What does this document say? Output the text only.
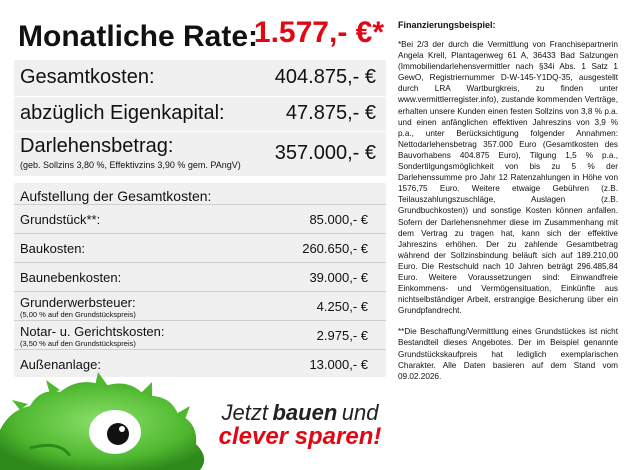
Monatliche Rate:
1.577,- €*
Gesamtkosten:	404.875,- €
abzüglich Eigenkapital:	47.875,- €
Darlehensbetrag:
(geb. Sollzins 3,80 %, Effektivzins 3,90 % gem. PAngV)
357.000,- €
Aufstellung der Gesamtkosten:
Grundstück**:	85.000,- €
Baukosten:	260.650,- €
Baunebenkosten:	39.000,- €
Grunderwerbsteuer:
(5,00 % auf den Grundstückspreis)
4.250,- €
Notar- u. Gerichtskosten:
(3,50 % auf den Grundstückspreis)
2.975,- €
Außenanlage:	13.000,- €
Jetzt bauen und
clever sparen!
Finanzierungsbeispiel:
*Bei 2/3 der durch die Vermittlung von Franchisepartnerin Angela Krell, Plantagenweg 61 A, 36433 Bad Salzungen (Immobiliendarlehensvermittler nach §34i Abs. 1 Satz 1 GewO, Registriernummer D-W-145-Y1DQ-35, ausgestellt durch LRA Wartburgkreis, zu finden unter www.vermittlerregister.info), zustande kommenden Verträge, erhalten unsere Kunden einen festen Sollzins von 3,8 % p.a. und einen anfänglichen effektiven Jahreszins von 3,9 % p.a., unter Berücksichtigung folgender Annahmen: Nettodarlehensbetrag 357.000 Euro (Gesamtkosten des Bauvorhabens 404.875 Euro), Tilgung 1,5 % p.a., Sondertilgungsmöglichkeit von bis zu 5 % der Darlehenssumme pro Jahr 12 Ratenzahlungen in Höhe von 1576,75 Euro. Weitere etwaige Gebühren (z.B. Teilauszahlungszuschläge, Auslagen (z.B. Grundbuchkosten)) und sonstige Kosten können anfallen. Sofern der Darlehensnehmer diese im Zusammenhang mit dem Vertrag zu tragen hat, kann sich der effektive Jahreszins erhöhen. Der zu zahlende Gesamtbetrag während der Sollzinsbindung beläuft sich auf 189.210,00 Euro. Die Restschuld nach 10 Jahren beträgt 296.485,84 Euro. Weitere Voraussetzungen sind: Einwandfreie Einkommens- und Vermögensituation, Einkünfte aus nichtselbständiger Arbeit, erstrangige Besicherung über ein Grundpfandrecht.
**Die Beschaffung/Vermittlung eines Grundstückes ist nicht Bestandteil dieses Angebotes. Der im Beispiel genannte Grundstückskaufpreis hat lediglich exemplarischen Charakter. Alle Daten basieren auf dem Stand vom 09.02.2026.
